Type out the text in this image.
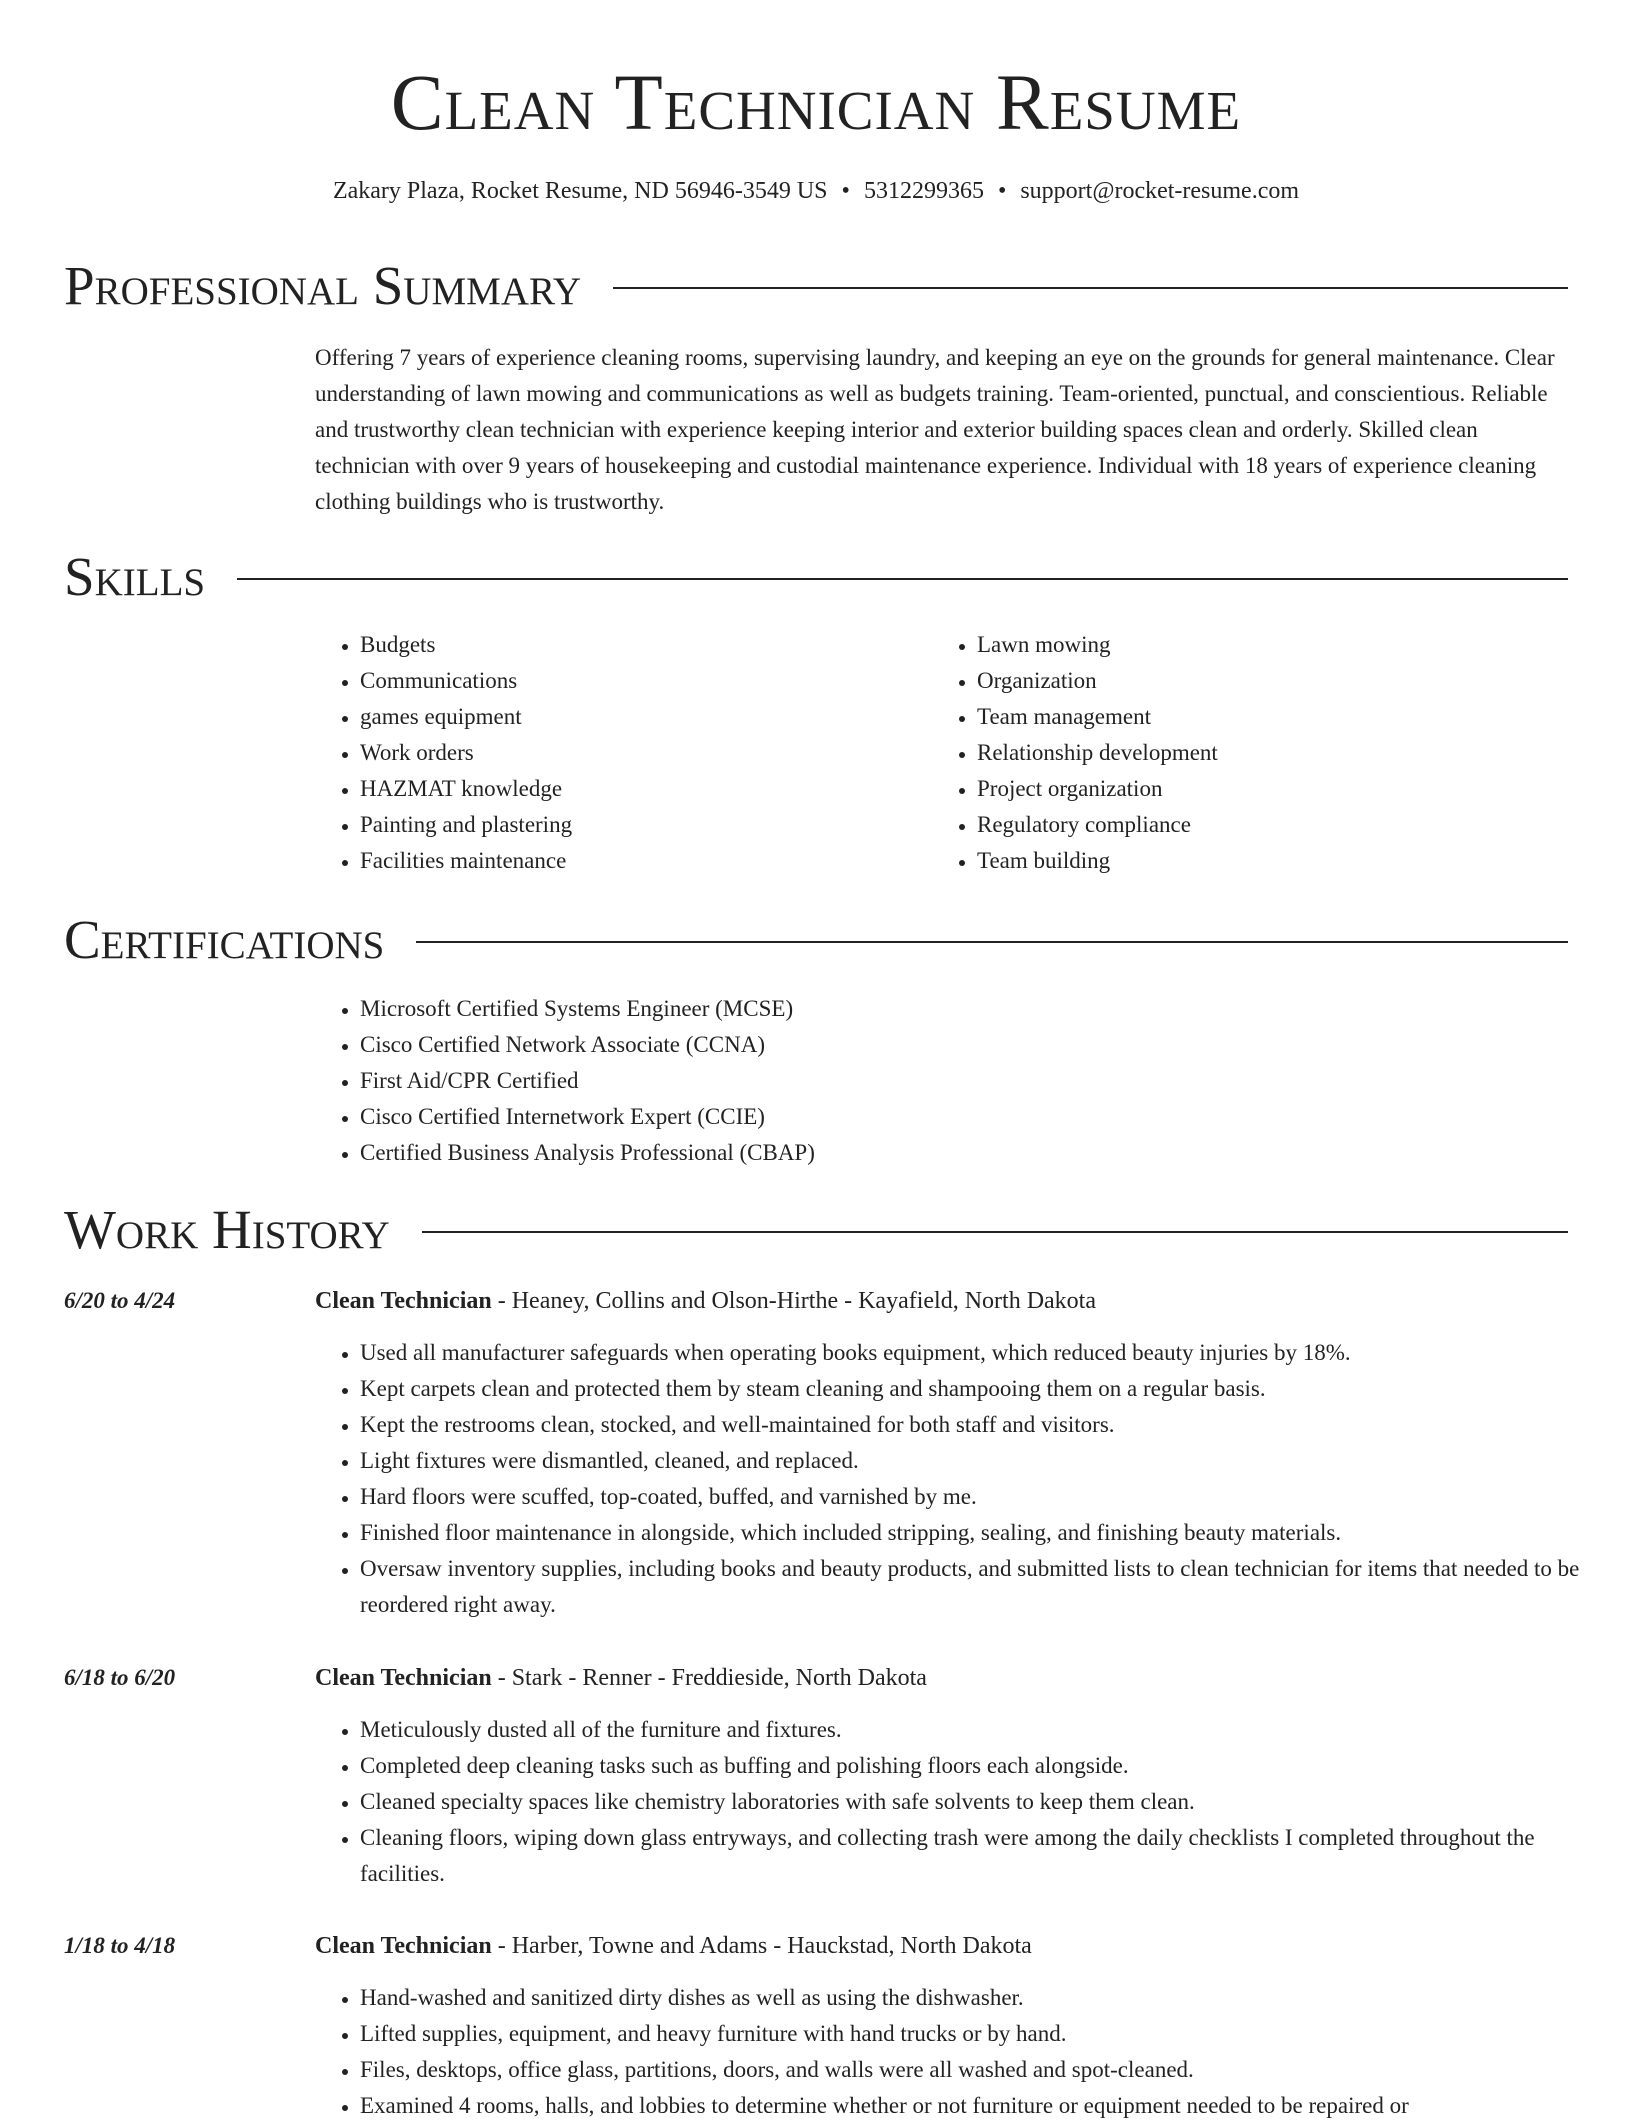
Clean Technician Resume
Zakary Plaza, Rocket Resume, ND 56946-3549 US • 5312299365 • support@rocket-resume.com
Professional Summary

Offering 7 years of experience cleaning rooms, supervising laundry, and keeping an eye on the grounds for general maintenance. Clear understanding of lawn mowing and communications as well as budgets training. Team-oriented, punctual, and conscientious. Reliable and trustworthy clean technician with experience keeping interior and exterior building spaces clean and orderly. Skilled clean technician with over 9 years of housekeeping and custodial maintenance experience. Individual with 18 years of experience cleaning clothing buildings who is trustworthy.

Skills
• Budgets
• Communications
• games equipment
• Work orders
• HAZMAT knowledge
• Painting and plastering
• Facilities maintenance
• Lawn mowing
• Organization
• Team management
• Relationship development
• Project organization
• Regulatory compliance
• Team building
Certifications
• Microsoft Certified Systems Engineer (MCSE)
• Cisco Certified Network Associate (CCNA)
• First Aid/CPR Certified
• Cisco Certified Internetwork Expert (CCIE)
• Certified Business Analysis Professional (CBAP)
Work History
6/20 to 4/24	Clean Technician - Heaney, Collins and Olson-Hirthe - Kayafield, North Dakota
• Used all manufacturer safeguards when operating books equipment, which reduced beauty injuries by 18%.
• Kept carpets clean and protected them by steam cleaning and shampooing them on a regular basis.
• Kept the restrooms clean, stocked, and well-maintained for both staff and visitors.
• Light fixtures were dismantled, cleaned, and replaced.
• Hard floors were scuffed, top-coated, buffed, and varnished by me.
• Finished floor maintenance in alongside, which included stripping, sealing, and finishing beauty materials.
• Oversaw inventory supplies, including books and beauty products, and submitted lists to clean technician for items that needed to be reordered right away.
6/18 to 6/20	Clean Technician - Stark - Renner - Freddieside, North Dakota
• Meticulously dusted all of the furniture and fixtures.
• Completed deep cleaning tasks such as buffing and polishing floors each alongside.
• Cleaned specialty spaces like chemistry laboratories with safe solvents to keep them clean.
• Cleaning floors, wiping down glass entryways, and collecting trash were among the daily checklists I completed throughout the facilities.
1/18 to 4/18	Clean Technician - Harber, Towne and Adams - Hauckstad, North Dakota
• Hand-washed and sanitized dirty dishes as well as using the dishwasher.
• Lifted supplies, equipment, and heavy furniture with hand trucks or by hand.
• Files, desktops, office glass, partitions, doors, and walls were all washed and spot-cleaned.
• Examined 4 rooms, halls, and lobbies to determine whether or not furniture or equipment needed to be repaired or
